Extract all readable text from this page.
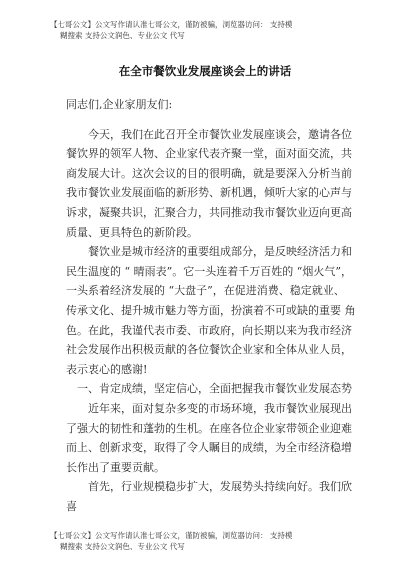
【七哥公文】公文写作请认准七哥公文，谨防被骗，浏览器访问： 支持模
糊搜索 支持公文润色、专业公文 代写
在全市餐饮业发展座谈会上的讲话

同志们,企业家朋友们:

今天，我们在此召开全市餐饮业发展座谈会，邀请各位餐饮界的领军人物、企业家代表齐聚一堂，面对面交流，共商发展大计。这次会议的目的很明确，就是要深入分析当前我市餐饮业发展面临的新形势、新机遇，倾听大家的心声与诉求，凝聚共识，汇聚合力，共同推动我市餐饮业迈向更高质量、更具特色的新阶段。

餐饮业是城市经济的重要组成部分，是反映经济活力和民生温度的 “ 晴雨表”。它一头连着千万百姓的 “烟火气”，一头系着经济发展的 “大盘子”，在促进消费、稳定就业、 传承文化、提升城市魅力等方面，扮演着不可或缺的重要 角色。在此，我谨代表市委、市政府，向长期以来为我市经济 社会发展作出积极贡献的各位餐饮企业家和全体从业人员， 表示衷心的感谢!

一、肯定成绩，坚定信心，全面把握我市餐饮业发展态势

近年来，面对复杂多变的市场环境，我市餐饮业展现出了强大的韧性和蓬勃的生机。在座各位企业家带领企业迎难而上、创新求变，取得了令人瞩目的成绩，为全市经济稳增长作出了重要贡献。

首先，行业规模稳步扩大，发展势头持续向好。我们欣喜

【七哥公文】公文写作请认准七哥公文，谨防被骗，浏览器访问： 支持模
糊搜索 支持公文润色、专业公文 代写
